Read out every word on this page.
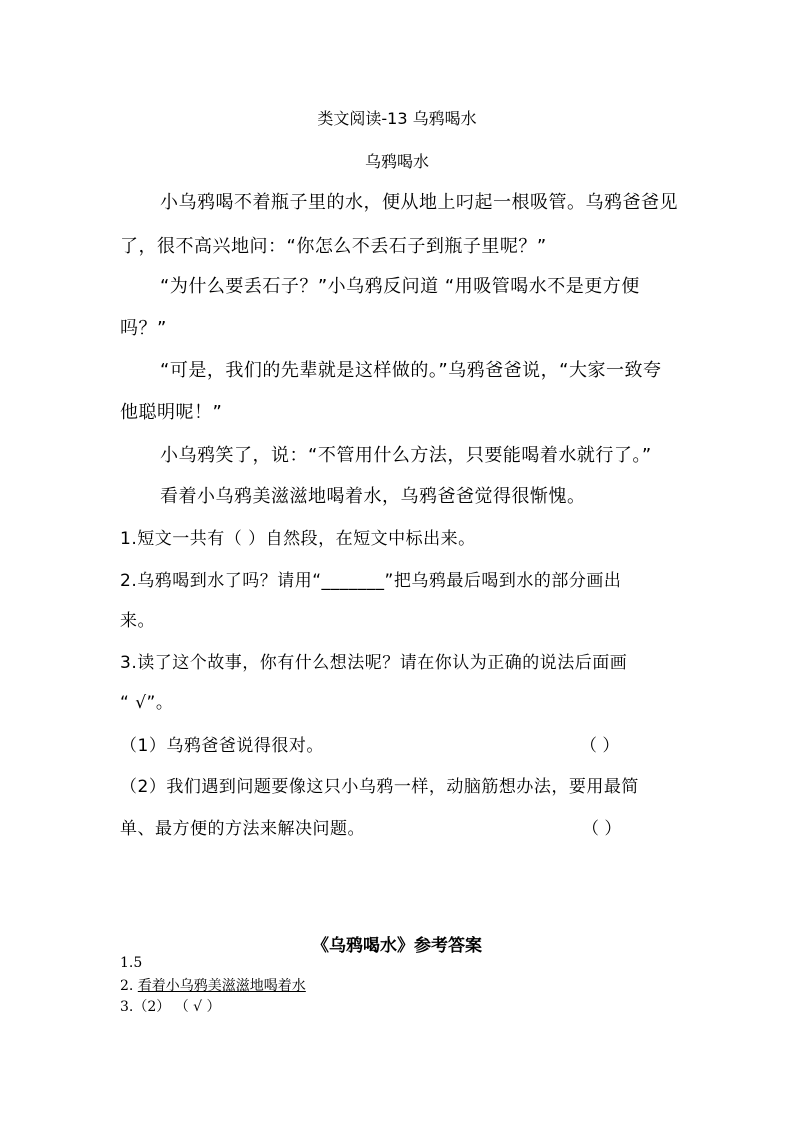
类文阅读-13 乌鸦喝水
乌鸦喝水
小乌鸦喝不着瓶子里的水，便从地上叼起一根吸管。乌鸦爸爸见
了，很不高兴地问：“你怎么不丢石子到瓶子里呢？”
“为什么要丢石子？”小乌鸦反问道 “用吸管喝水不是更方便
吗？”
“可是，我们的先辈就是这样做的。”乌鸦爸爸说，“大家一致夸
他聪明呢！”
小乌鸦笑了，说：“不管用什么方法，只要能喝着水就行了。”
看着小乌鸦美滋滋地喝着水，乌鸦爸爸觉得很惭愧。
1.短文一共有（ ）自然段，在短文中标出来。
2.乌鸦喝到水了吗？请用“_______”把乌鸦最后喝到水的部分画出
来。
3.读了这个故事，你有什么想法呢？请在你认为正确的说法后面画
“ √”。
（1）乌鸦爸爸说得很对。	（ ）
（2）我们遇到问题要像这只小乌鸦一样，动脑筋想办法，要用最简
单、最方便的方法来解决问题。	（ ）
《乌鸦喝水》参考答案
1.5
2. 看着小乌鸦美滋滋地喝着水
3.（2） （ √ ）
